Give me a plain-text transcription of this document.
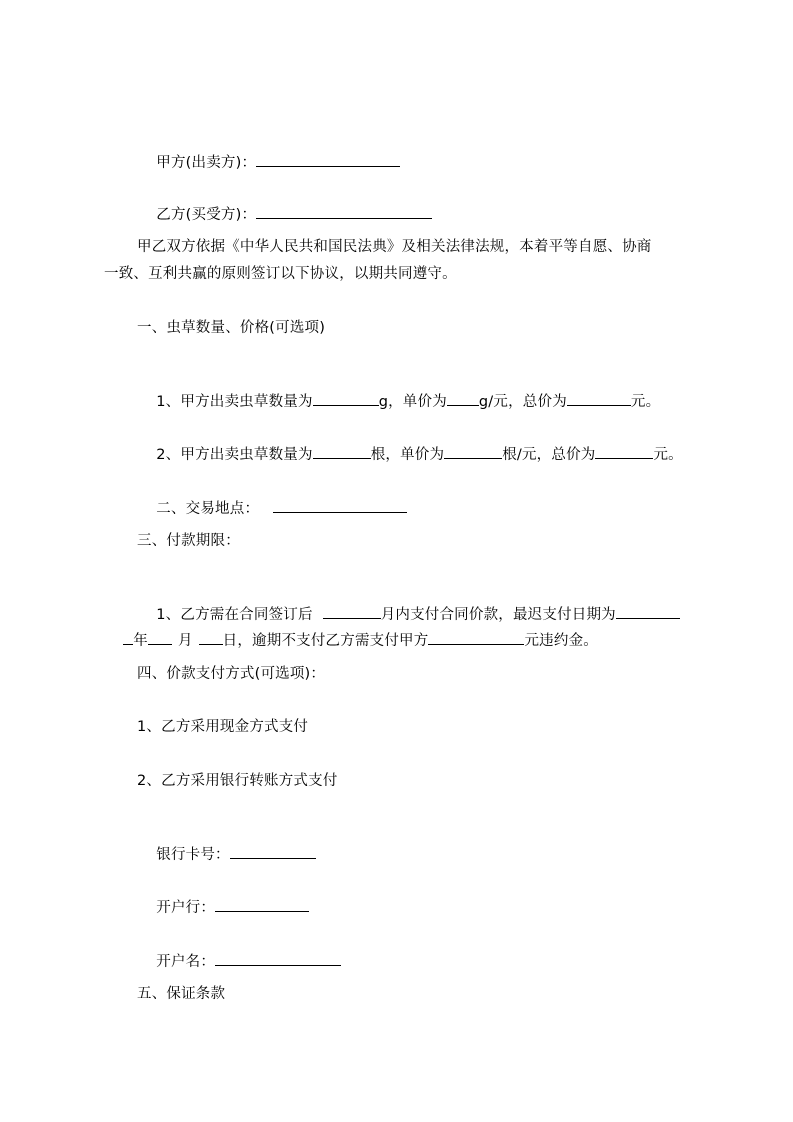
甲方(出卖方)：

乙方(买受方)：

甲乙双方依据《中华人民共和国民法典》及相关法律法规，本着平等自愿、协商
一致、互利共赢的原则签订以下协议，以期共同遵守。
一、虫草数量、价格(可选项)

1、甲方出卖虫草数量为	g，单价为 g/元，总价为	元。

2、甲方出卖虫草数量为	根，单价为	根/元，总价为	元。

二、交易地点：

三、付款期限：

1、乙方需在合同签订后	月内支付合同价款，最迟支付日期为

年 月 日，逾期不支付乙方需支付甲方	元违约金。

四、价款支付方式(可选项)：
1、乙方采用现金方式支付
2、乙方采用银行转账方式支付

银行卡号：

开户行：

开户名：

五、保证条款
